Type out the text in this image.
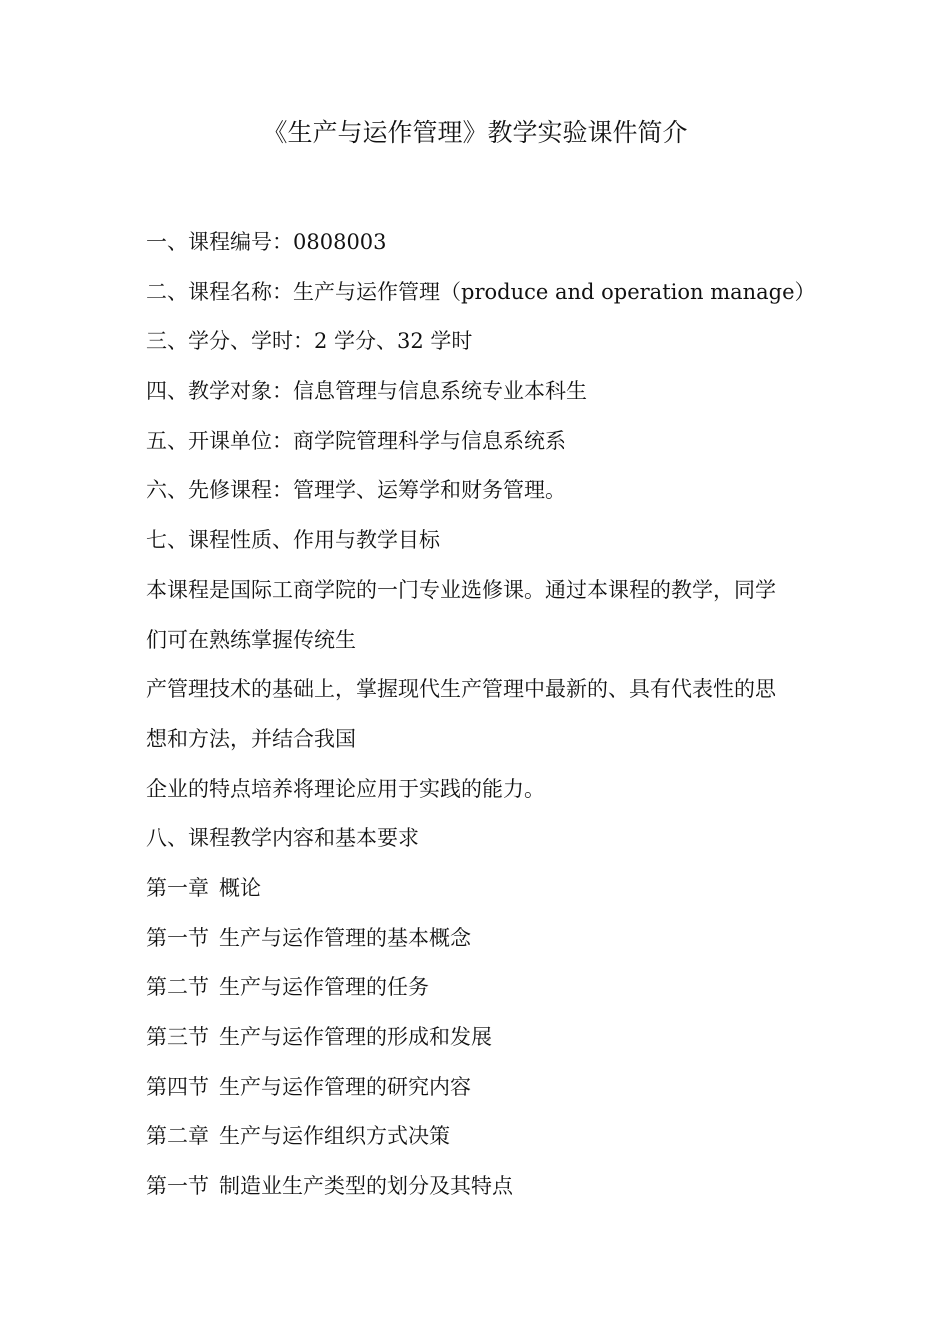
《生产与运作管理》教学实验课件简介
一、课程编号：0808003
二、课程名称：生产与运作管理（produce and operation manage）
三、学分、学时：2 学分、32 学时
四、教学对象：信息管理与信息系统专业本科生
五、开课单位：商学院管理科学与信息系统系
六、先修课程：管理学、运筹学和财务管理。
七、课程性质、作用与教学目标
本课程是国际工商学院的一门专业选修课。通过本课程的教学，同学
们可在熟练掌握传统生
产管理技术的基础上，掌握现代生产管理中最新的、具有代表性的思
想和方法，并结合我国
企业的特点培养将理论应用于实践的能力。
八、课程教学内容和基本要求
第一章 概论
第一节 生产与运作管理的基本概念
第二节 生产与运作管理的任务
第三节 生产与运作管理的形成和发展
第四节 生产与运作管理的研究内容
第二章 生产与运作组织方式决策
第一节 制造业生产类型的划分及其特点
